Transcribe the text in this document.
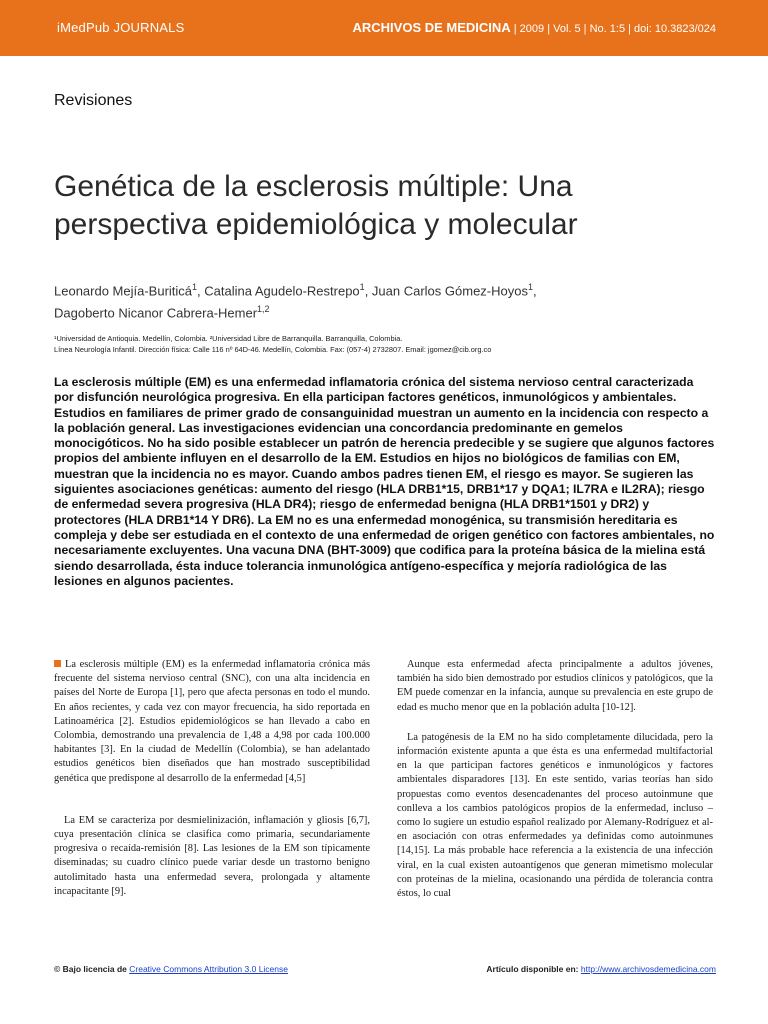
iMedPub JOURNALS	ARCHIVOS DE MEDICINA | 2009 | Vol. 5 | No. 1:5 | doi: 10.3823/024
Revisiones
Genética de la esclerosis múltiple: Una perspectiva epidemiológica y molecular
Leonardo Mejía-Buriticá$^1$, Catalina Agudelo-Restrepo$^1$, Juan Carlos Gómez-Hoyos$^1$,
Dagoberto Nicanor Cabrera-Hemer$^{1,2}$
¹Universidad de Antioquia. Medellín, Colombia. ²Universidad Libre de Barranquilla. Barranquilla, Colombia.
Línea Neurología Infantil. Dirección física: Calle 116 nº 64D-46. Medellín, Colombia. Fax: (057-4) 2732807. Email: jgomez@cib.org.co
La esclerosis múltiple (EM) es una enfermedad inflamatoria crónica del sistema nervioso central caracterizada por disfunción neurológica progresiva. En ella participan factores genéticos, inmunológicos y ambientales. Estudios en familiares de primer grado de consanguinidad muestran un aumento en la incidencia con respecto a la población general. Las investigaciones evidencian una concordancia predominante en gemelos monocigóticos. No ha sido posible establecer un patrón de herencia predecible y se sugiere que algunos factores propios del ambiente influyen en el desarrollo de la EM. Estudios en hijos no biológicos de familias con EM, muestran que la incidencia no es mayor. Cuando ambos padres tienen EM, el riesgo es mayor. Se sugieren las siguientes asociaciones genéticas: aumento del riesgo (HLA DRB1*15, DRB1*17 y DQA1; IL7RA e IL2RA); riesgo de enfermedad severa progresiva (HLA DR4); riesgo de enfermedad benigna (HLA DRB1*1501 y DR2) y protectores (HLA DRB1*14 Y DR6). La EM no es una enfermedad monogénica, su transmisión hereditaria es compleja y debe ser estudiada en el contexto de una enfermedad de origen genético con factores ambientales, no necesariamente excluyentes. Una vacuna DNA (BHT-3009) que codifica para la proteína básica de la mielina está siendo desarrollada, ésta induce tolerancia inmunológica antígeno-específica y mejoría radiológica de las lesiones en algunos pacientes.

La esclerosis múltiple (EM) es la enfermedad inflamatoria crónica más frecuente del sistema nervioso central (SNC), con una alta incidencia en países del Norte de Europa [1], pero que afecta personas en todo el mundo. En años recientes, y cada vez con mayor frecuencia, ha sido reportada en Latinoamérica [2]. Estudios epidemiológicos se han llevado a cabo en Colombia, demostrando una prevalencia de 1,48 a 4,98 por cada 100.000 habitantes [3]. En la ciudad de Medellín (Colombia), se han adelantado estudios genéticos bien diseñados que han mostrado susceptibilidad genética que predispone al desarrollo de la enfermedad [4,5]

La EM se caracteriza por desmielinización, inflamación y gliosis [6,7], cuya presentación clínica se clasifica como primaria, secundariamente progresiva o recaída-remisión [8]. Las lesiones de la EM son típicamente diseminadas; su cuadro clínico puede variar desde un trastorno benigno autolimitado hasta una enfermedad severa, prolongada y altamente incapacitante [9].

Aunque esta enfermedad afecta principalmente a adultos jóvenes, también ha sido bien demostrado por estudios clínicos y patológicos, que la EM puede comenzar en la infancia, aunque su prevalencia en este grupo de edad es mucho menor que en la población adulta [10-12].

La patogénesis de la EM no ha sido completamente dilucidada, pero la información existente apunta a que ésta es una enfermedad multifactorial en la que participan factores genéticos e inmunológicos y factores ambientales disparadores [13]. En este sentido, varias teorías han sido propuestas como eventos desencadenantes del proceso autoinmune que conlleva a los cambios patológicos propios de la enfermedad, incluso –como lo sugiere un estudio español realizado por Alemany-Rodríguez et al- en asociación con otras enfermedades ya definidas como autoinmunes [14,15]. La más probable hace referencia a la existencia de una infección viral, en la cual existen autoantígenos que generan mimetismo molecular con proteínas de la mielina, ocasionando una pérdida de tolerancia contra éstos, lo cual

© Bajo licencia de Creative Commons Attribution 3.0 License	Artículo disponible en: http://www.archivosdemedicina.com
